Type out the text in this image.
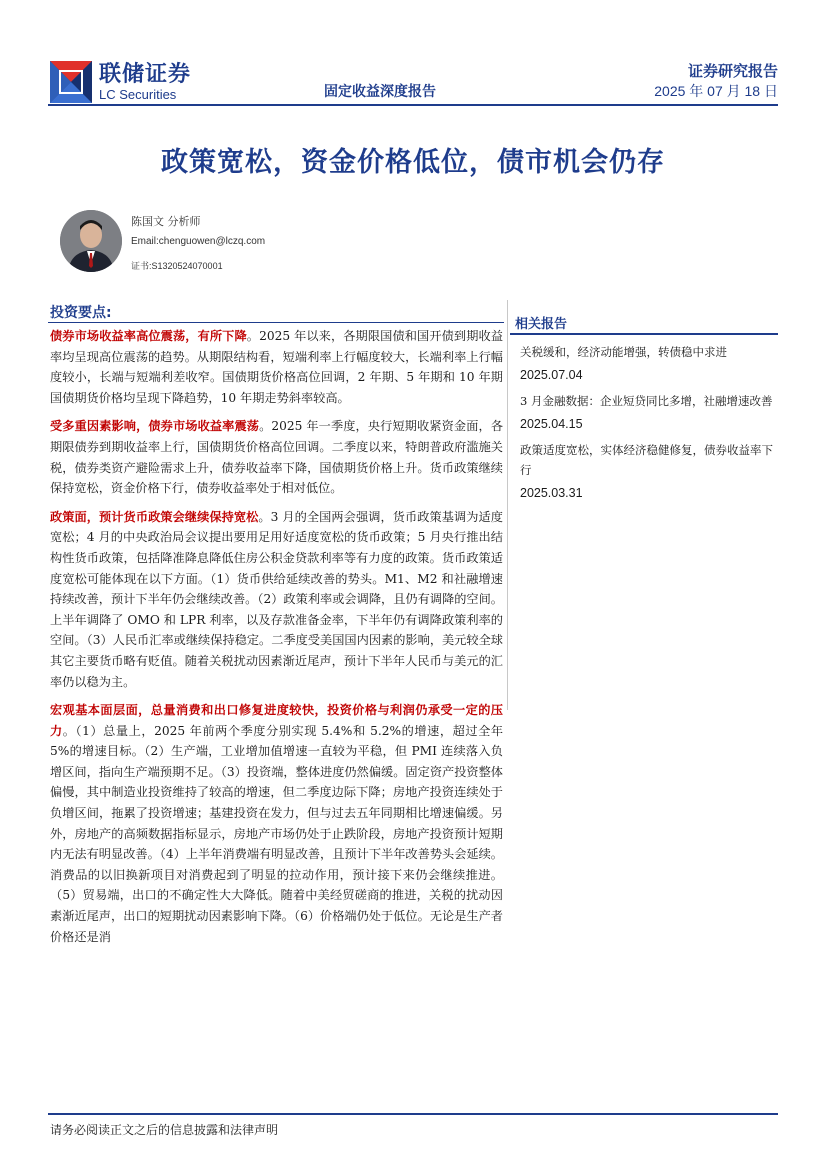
联储证券
LC Securities	固定收益深度报告
证券研究报告
2025 年 07 月 18 日
政策宽松，资金价格低位，债市机会仍存
陈国文 分析师
Email:chenguowen@lczq.com
证书:S1320524070001
投资要点:

债券市场收益率高位震荡，有所下降。2025 年以来，各期限国债和国开债到期收益率均呈现高位震荡的趋势。从期限结构看，短端利率上行幅度较大，长端利率上行幅度较小，长端与短端利差收窄。国债期货价格高位回调，2 年期、5 年期和 10 年期国债期货价格均呈现下降趋势，10 年期走势斜率较高。

受多重因素影响，债券市场收益率震荡。2025 年一季度，央行短期收紧资金面，各期限债券到期收益率上行，国债期货价格高位回调。二季度以来，特朗普政府滥施关税，债券类资产避险需求上升，债券收益率下降，国债期货价格上升。货币政策继续保持宽松，资金价格下行，债券收益率处于相对低位。

政策面，预计货币政策会继续保持宽松。3 月的全国两会强调，货币政策基调为适度宽松；4 月的中央政治局会议提出要用足用好适度宽松的货币政策；5 月央行推出结构性货币政策，包括降准降息降低住房公积金贷款利率等有力度的政策。货币政策适度宽松可能体现在以下方面。（1）货币供给延续改善的势头。M1、M2 和社融增速持续改善，预计下半年仍会继续改善。（2）政策利率或会调降，且仍有调降的空间。上半年调降了 OMO 和 LPR 利率，以及存款准备金率，下半年仍有调降政策利率的空间。（3）人民币汇率或继续保持稳定。二季度受美国国内因素的影响，美元较全球其它主要货币略有贬值。随着关税扰动因素渐近尾声，预计下半年人民币与美元的汇率仍以稳为主。

宏观基本面层面，总量消费和出口修复进度较快，投资价格与利润仍承受一定的压力。（1）总量上，2025 年前两个季度分别实现 5.4%和 5.2%的增速，超过全年 5%的增速目标。（2）生产端，工业增加值增速一直较为平稳，但 PMI 连续落入负增区间，指向生产端预期不足。（3）投资端，整体进度仍然偏缓。固定资产投资整体偏慢，其中制造业投资维持了较高的增速，但二季度边际下降；房地产投资连续处于负增区间，拖累了投资增速；基建投资在发力，但与过去五年同期相比增速偏缓。另外，房地产的高频数据指标显示，房地产市场仍处于止跌阶段，房地产投资预计短期内无法有明显改善。（4）上半年消费端有明显改善，且预计下半年改善势头会延续。消费品的以旧换新项目对消费起到了明显的拉动作用，预计接下来仍会继续推进。（5）贸易端，出口的不确定性大大降低。随着中美经贸磋商的推进，关税的扰动因素渐近尾声，出口的短期扰动因素影响下降。（6）价格端仍处于低位。无论是生产者价格还是消

相关报告
关税缓和，经济动能增强，转债稳中求进
2025.07.04
3 月金融数据：企业短贷同比多增，社融增速改善
2025.04.15
政策适度宽松，实体经济稳健修复，债券收益率下行
2025.03.31
请务必阅读正文之后的信息披露和法律声明
